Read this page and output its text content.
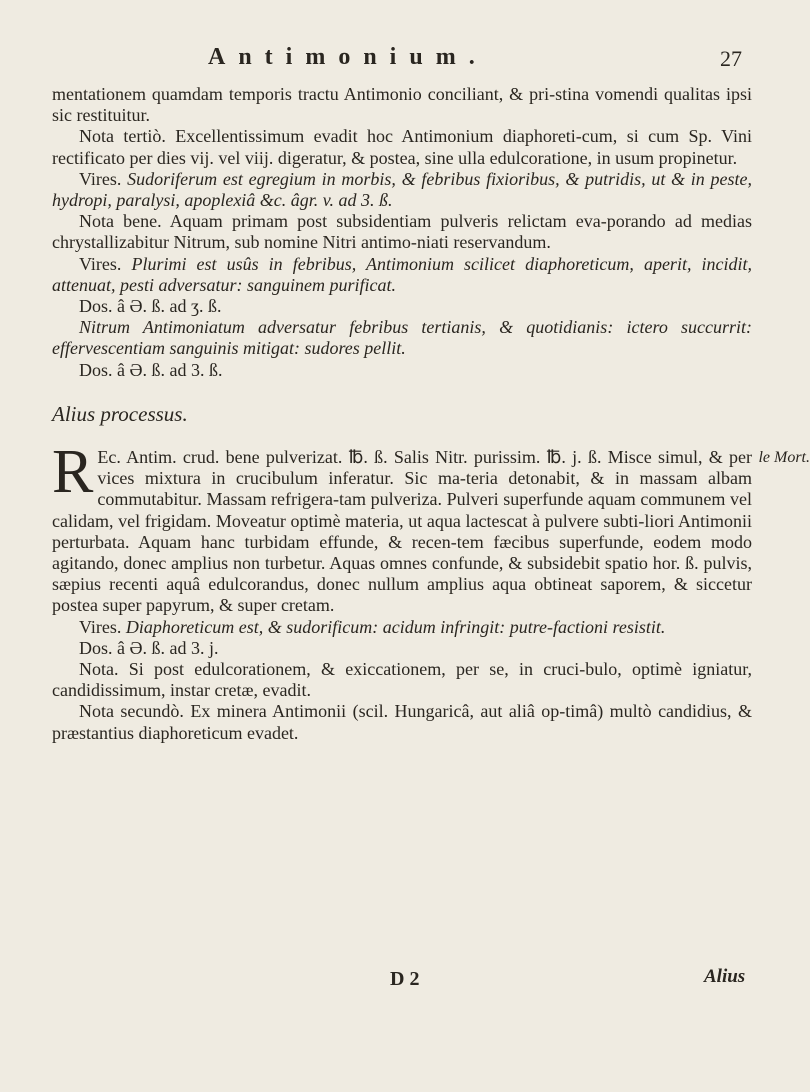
Antimonium.	27

mentationem quamdam temporis tractu Antimonio conciliant, & pri-stina vomendi qualitas ipsi sic restituitur.

Nota tertiò. Excellentissimum evadit hoc Antimonium diaphoreti-cum, si cum Sp. Vini rectificato per dies vij. vel viij. digeratur, & postea, sine ulla edulcoratione, in usum propinetur.

Vires. Sudoriferum est egregium in morbis, & febribus fixioribus, & putridis, ut & in peste, hydropi, paralysi, apoplexiâ &c. âgr. v. ad 3. ß.

Nota bene. Aquam primam post subsidentiam pulveris relictam eva-porando ad medias chrystallizabitur Nitrum, sub nomine Nitri antimo-niati reservandum.

Vires. Plurimi est usûs in febribus, Antimonium scilicet diaphoreticum, aperit, incidit, attenuat, pesti adversatur: sanguinem purificat.

Dos. â Ə. ß. ad ʒ. ß.

Nitrum Antimoniatum adversatur febribus tertianis, & quotidianis: ictero succurrit: effervescentiam sanguinis mitigat: sudores pellit.

Dos. â Ə. ß. ad 3. ß.

Alius processus.

le Mort.
R Ec. Antim. crud. bene pulverizat. ℔. ß. Salis Nitr. purissim. ℔. j. ß. Misce simul, & per vices mixtura in crucibulum inferatur. Sic ma-teria detonabit, & in massam albam commutabitur. Massam refrigera-tam pulveriza. Pulveri superfunde aquam communem vel calidam, vel frigidam. Moveatur optimè materia, ut aqua lactescat à pulvere subti-liori Antimonii perturbata. Aquam hanc turbidam effunde, & recen-tem fæcibus superfunde, eodem modo agitando, donec amplius non turbetur. Aquas omnes confunde, & subsidebit spatio hor. ß. pulvis, sæpius recenti aquâ edulcorandus, donec nullum amplius aqua obtineat saporem, & siccetur postea super papyrum, & super cretam.

Vires. Diaphoreticum est, & sudorificum: acidum infringit: putre-factioni resistit.

Dos. â Ə. ß. ad 3. j.

Nota. Si post edulcorationem, & exiccationem, per se, in cruci-bulo, optimè igniatur, candidissimum, instar cretæ, evadit.

Nota secundò. Ex minera Antimonii (scil. Hungaricâ, aut aliâ op-timâ) multò candidius, & præstantius diaphoreticum evadet.

D 2	Alius
